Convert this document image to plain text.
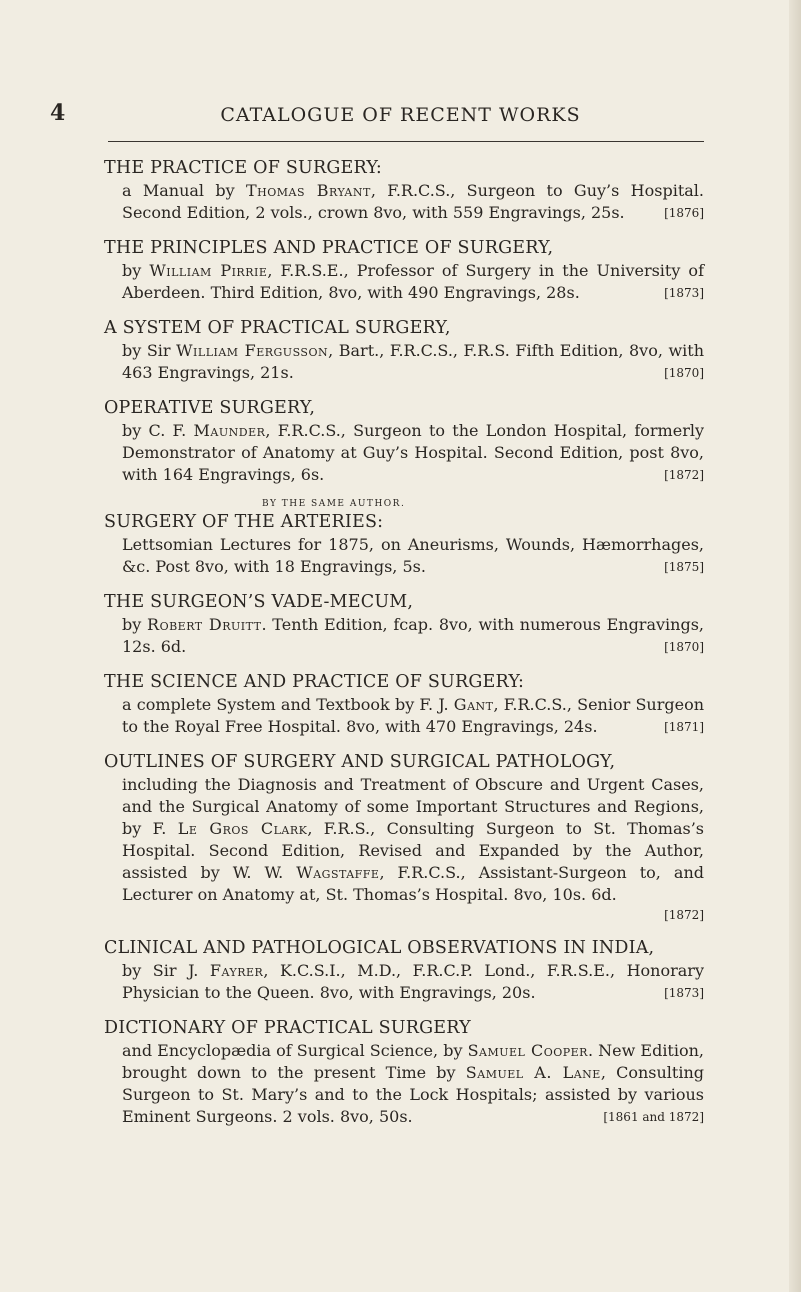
4	CATALOGUE OF RECENT WORKS
THE PRACTICE OF SURGERY:
a Manual by Thomas Bryant, F.R.C.S., Surgeon to Guy’s Hospital. Second Edition, 2 vols., crown 8vo, with 559 Engravings, 25s.	[1876]
THE PRINCIPLES AND PRACTICE OF SURGERY,
by William Pirrie, F.R.S.E., Professor of Surgery in the University of Aberdeen. Third Edition, 8vo, with 490 Engravings, 28s.	[1873]
A SYSTEM OF PRACTICAL SURGERY,
by Sir William Fergusson, Bart., F.R.C.S., F.R.S. Fifth Edition, 8vo, with 463 Engravings, 21s.	[1870]
OPERATIVE SURGERY,
by C. F. Maunder, F.R.C.S., Surgeon to the London Hospital, formerly Demonstrator of Anatomy at Guy’s Hospital. Second Edition, post 8vo, with 164 Engravings, 6s.	[1872]
BY THE SAME AUTHOR.
SURGERY OF THE ARTERIES:
Lettsomian Lectures for 1875, on Aneurisms, Wounds, Hæmorrhages, &c. Post 8vo, with 18 Engravings, 5s.	[1875]
THE SURGEON’S VADE-MECUM,
by Robert Druitt. Tenth Edition, fcap. 8vo, with numerous Engravings, 12s. 6d.	[1870]
THE SCIENCE AND PRACTICE OF SURGERY:
a complete System and Textbook by F. J. Gant, F.R.C.S., Senior Surgeon to the Royal Free Hospital. 8vo, with 470 Engravings, 24s.	[1871]
OUTLINES OF SURGERY AND SURGICAL PATHOLOGY,
including the Diagnosis and Treatment of Obscure and Urgent Cases, and the Surgical Anatomy of some Important Structures and Regions, by F. Le Gros Clark, F.R.S., Consulting Surgeon to St. Thomas’s Hospital. Second Edition, Revised and Expanded by the Author, assisted by W. W. Wagstaffe, F.R.C.S., Assistant-Surgeon to, and Lecturer on Anatomy at, St. Thomas’s Hospital. 8vo, 10s. 6d.
[1872]
CLINICAL AND PATHOLOGICAL OBSERVATIONS IN INDIA,
by Sir J. Fayrer, K.C.S.I., M.D., F.R.C.P. Lond., F.R.S.E., Honorary Physician to the Queen. 8vo, with Engravings, 20s.	[1873]
DICTIONARY OF PRACTICAL SURGERY
and Encyclopædia of Surgical Science, by Samuel Cooper. New Edition, brought down to the present Time by Samuel A. Lane, Consulting Surgeon to St. Mary’s and to the Lock Hospitals; assisted by various Eminent Surgeons. 2 vols. 8vo, 50s.	[1861 and 1872]
